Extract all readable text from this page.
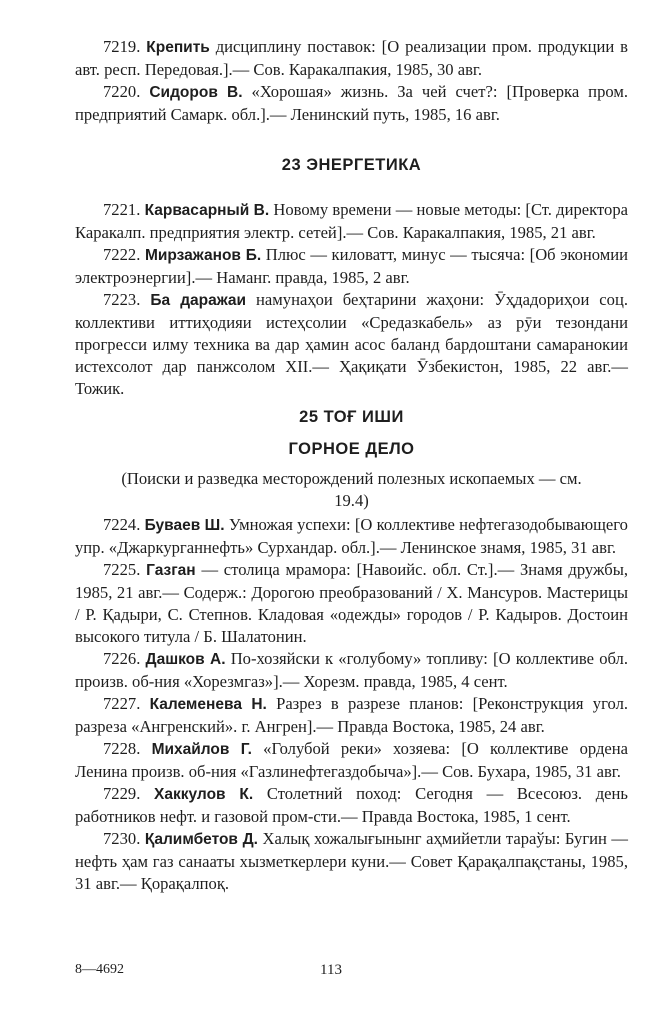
7219. Крепить дисциплину поставок: [О реализации пром. продукции в авт. респ. Передовая.].— Сов. Каракалпакия, 1985, 30 авг.

7220. Сидоров В. «Хорошая» жизнь. За чей счет?: [Проверка пром. предприятий Самарк. обл.].— Ленинский путь, 1985, 16 авг.

23 ЭНЕРГЕТИКА

7221. Карвасарный В. Новому времени — новые методы: [Ст. директора Каракалп. предприятия электр. сетей].— Сов. Каракалпакия, 1985, 21 авг.

7222. Мирзажанов Б. Плюс — киловатт, минус — тысяча: [Об экономии электроэнергии].— Наманг. правда, 1985, 2 авг.

7223. Ба даражаи намунаҳои беҳтарини жаҳони: Ӯҳдадориҳои соц. коллективи иттиҳодияи истеҳсолии «Средазкабель» аз рӯи тезондани прогресси илму техника ва дар ҳамин асос баланд бардоштани самаранокии истехсолот дар панжсолом XII.— Ҳақиқати Ӯзбекистон, 1985, 22 авг.— Тожик.

25 ТОҒ ИШИ
ГОРНОЕ ДЕЛО
(Поиски и разведка месторождений полезных ископаемых — см. 19.4)

7224. Буваев Ш. Умножая успехи: [О коллективе нефтегазодобывающего упр. «Джаркурганнефть» Сурхандар. обл.].— Ленинское знамя, 1985, 31 авг.

7225. Газган — столица мрамора: [Навоийс. обл. Ст.].— Знамя дружбы, 1985, 21 авг.— Содерж.: Дорогою преобразований / Х. Мансуров. Мастерицы / Р. Қадыри, С. Степнов. Кладовая «одежды» городов / Р. Кадыров. Достоин высокого титула / Б. Шалатонин.

7226. Дашков А. По-хозяйски к «голубому» топливу: [О коллективе обл. произв. об-ния «Хорезмгаз»].— Хорезм. правда, 1985, 4 сент.

7227. Калеменева Н. Разрез в разрезе планов: [Реконструкция угол. разреза «Ангренский». г. Ангрен].— Правда Востока, 1985, 24 авг.

7228. Михайлов Г. «Голубой реки» хозяева: [О коллективе ордена Ленина произв. об-ния «Газлинефтегаздобыча»].— Сов. Бухара, 1985, 31 авг.

7229. Хаккулов К. Столетний поход: Сегодня — Всесоюз. день работников нефт. и газовой пром-сти.— Правда Востока, 1985, 1 сент.

7230. Қалимбетов Д. Халық хожалығынынг аҳмийетли тараўы: Бугин — нефть ҳам газ санааты хызметкерлери куни.— Совет Қарақалпақстаны, 1985, 31 авг.— Қорақалпоқ.

8—4692	113
